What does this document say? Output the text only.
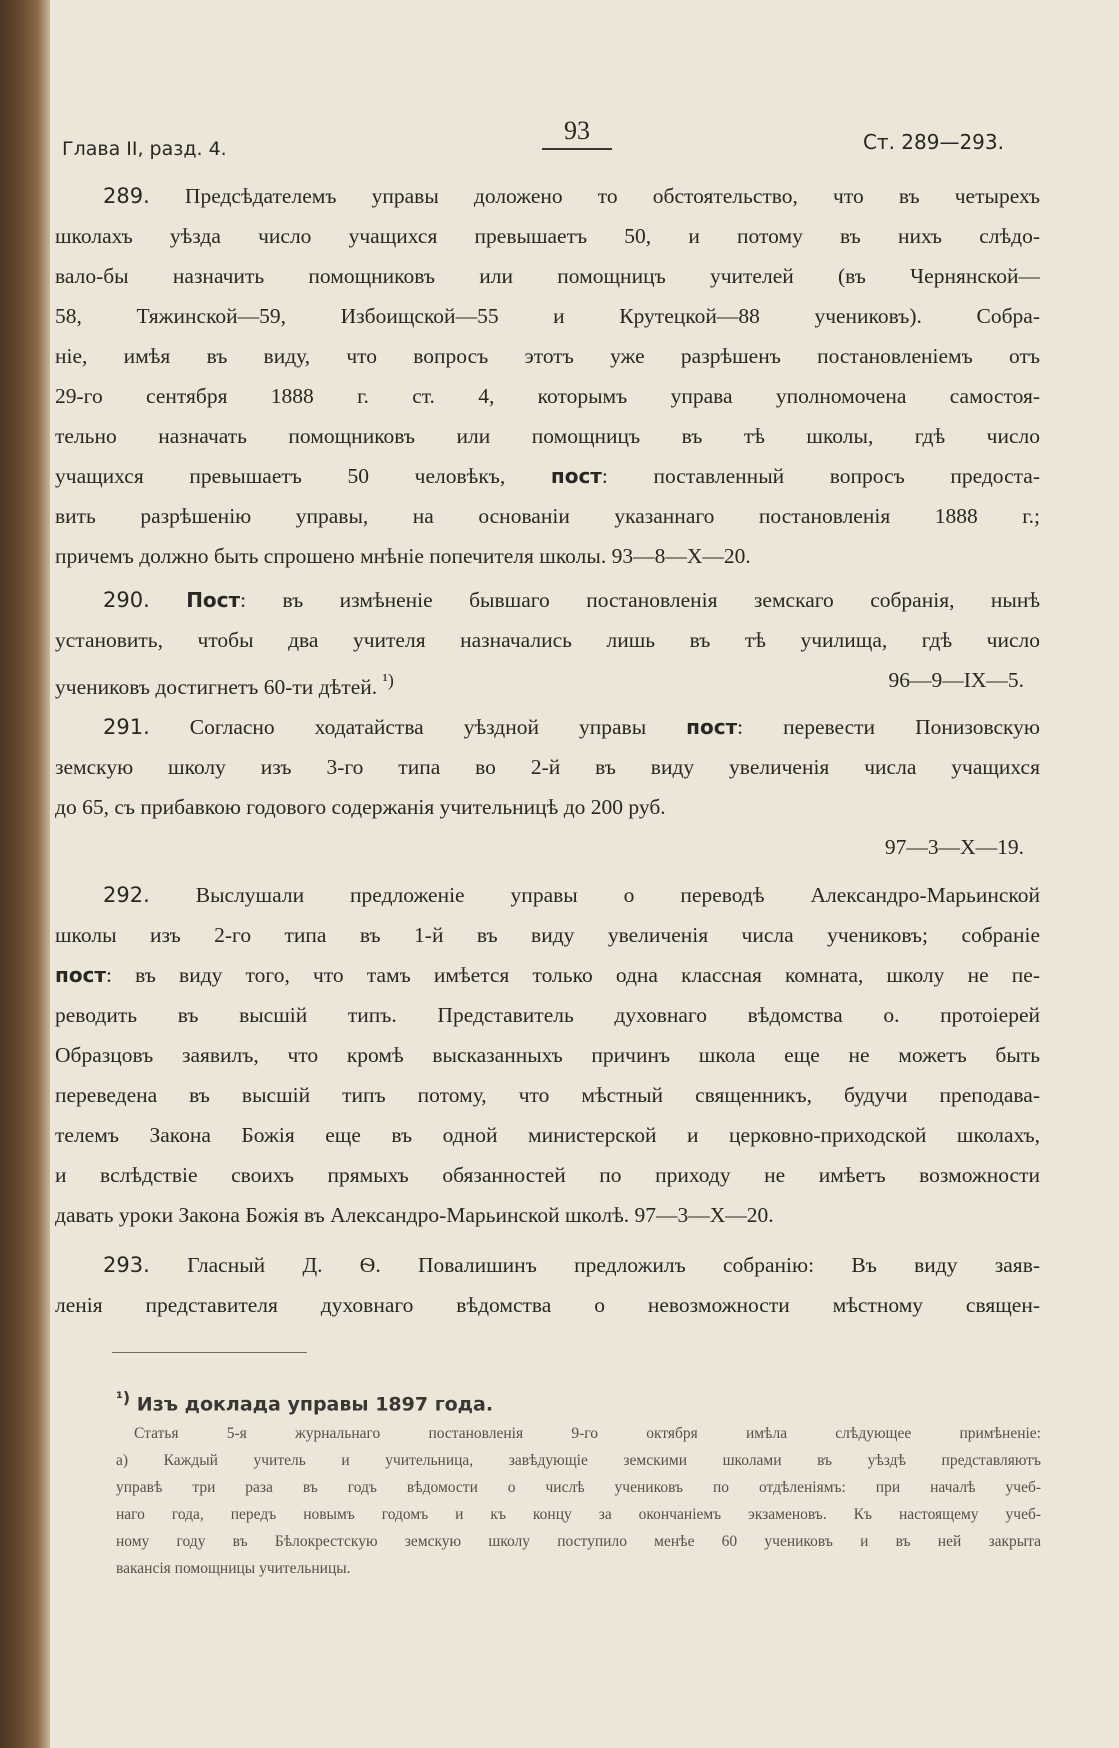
Глава II, разд. 4.
93	Ст. 289—293.
289. Предсѣдателемъ управы доложено то обстоятельство, что въ четырехъ
школахъ уѣзда число учащихся превышаетъ 50, и потому въ нихъ слѣдо-
вало-бы назначить помощниковъ или помощницъ учителей (въ Чернянской—
58, Тяжинской—59, Избоищской—55 и Крутецкой—88 учениковъ). Собра-
ніе, имѣя въ виду, что вопросъ этотъ уже разрѣшенъ постановленіемъ отъ
29-го сентября 1888 г. ст. 4, которымъ управа уполномочена самостоя-
тельно назначать помощниковъ или помощницъ въ тѣ школы, гдѣ число
учащихся превышаетъ 50 человѣкъ, пост: поставленный вопросъ предоста-
вить разрѣшенію управы, на основаніи указаннаго постановленія 1888 г.;
причемъ должно быть спрошено мнѣніе попечителя школы. 93—8—X—20.
290. Пост: въ измѣненіе бывшаго постановленія земскаго собранія, нынѣ
установить, чтобы два учителя назначались лишь въ тѣ училища, гдѣ число
учениковъ достигнетъ 60-ти дѣтей. $^{^1)}$	96—9—IX—5.
291. Согласно ходатайства уѣздной управы пост: перевести Понизовскую
земскую школу изъ 3-го типа во 2-й въ виду увеличенія числа учащихся
до 65, съ прибавкою годового содержанія учительницѣ до 200 руб.
97—3—X—19.
292. Выслушали предложеніе управы о переводѣ Александро-Марьинской
школы изъ 2-го типа въ 1-й въ виду увеличенія числа учениковъ; собраніе
пост: въ виду того, что тамъ имѣется только одна классная комната, школу не пе-
реводить въ высшій типъ. Представитель духовнаго вѣдомства о. протоіерей
Образцовъ заявилъ, что кромѣ высказанныхъ причинъ школа еще не можетъ быть
переведена въ высшій типъ потому, что мѣстный священникъ, будучи преподава-
телемъ Закона Божія еще въ одной министерской и церковно-приходской школахъ,
и вслѣдствіе своихъ прямыхъ обязанностей по приходу не имѣетъ возможности
давать уроки Закона Божія въ Александро-Марьинской школѣ. 97—3—X—20.
293. Гласный Д. Ѳ. Повалишинъ предложилъ собранію: Въ виду заяв-
ленія представителя духовнаго вѣдомства о невозможности мѣстному священ-
$^{^1)}$ Изъ доклада управы 1897 года.
Статья 5-я журнальнаго постановленія 9-го октября имѣла слѣдующее примѣненіе:
а) Каждый учитель и учительница, завѣдующіе земскими школами въ уѣздѣ представляютъ
управѣ три раза въ годъ вѣдомости о числѣ учениковъ по отдѣленіямъ: при началѣ учеб-
наго года, передъ новымъ годомъ и къ концу за окончаніемъ экзаменовъ. Къ настоящему учеб-
ному году въ Бѣлокрестскую земскую школу поступило менѣе 60 учениковъ и въ ней закрыта
вакансія помощницы учительницы.
